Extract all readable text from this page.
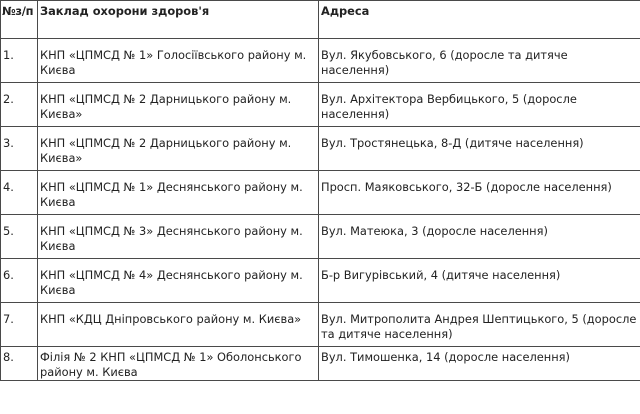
№з/п	Заклад охорони здоров'я	Адреса
1.	КНП «ЦПМСД № 1» Голосіївського району м. Києва	Вул. Якубовського, 6 (доросле та дитяче населення)
2.	КНП «ЦПМСД № 2 Дарницького району м. Києва»	Вул. Архітектора Вербицького, 5 (доросле населення)
3.	КНП «ЦПМСД № 2 Дарницького району м. Києва»	Вул. Тростянецька, 8-Д (дитяче населення)
4.	КНП «ЦПМСД № 1» Деснянського району м. Києва	Просп. Маяковського, 32-Б (доросле населення)
5.	КНП «ЦПМСД № 3» Деснянського району м. Києва	Вул. Матеюка, 3 (доросле населення)
6.	КНП «ЦПМСД № 4» Деснянського району м. Києва	Б-р Вигурівський, 4 (дитяче населення)
7.	КНП «КДЦ Дніпровського району м. Києва»	Вул. Митрополита Андрея Шептицького, 5 (доросле та дитяче населення)
8.	Філія № 2 КНП «ЦПМСД № 1» Оболонського району м. Києва	Вул. Тимошенка, 14 (доросле населення)
